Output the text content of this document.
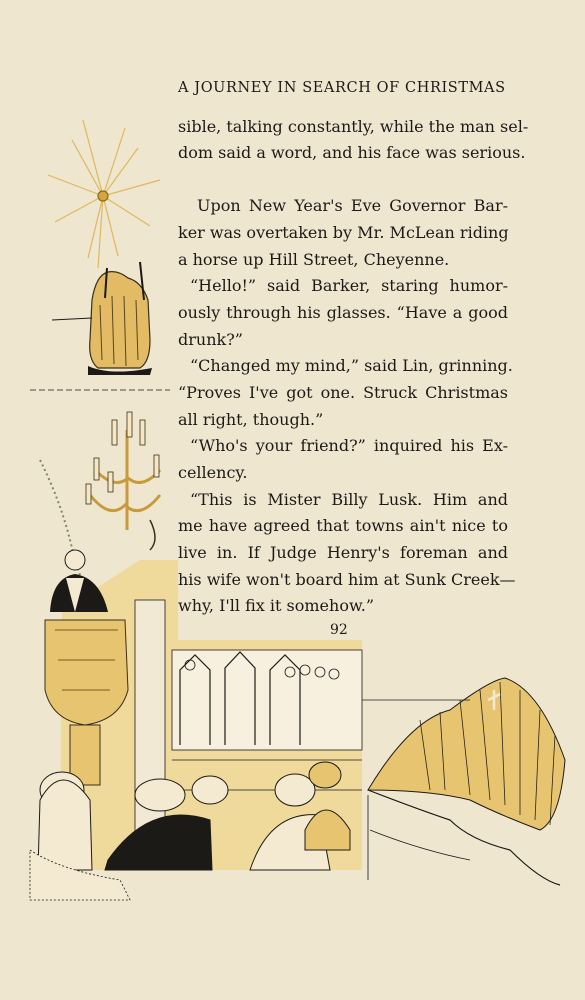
A JOURNEY IN SEARCH OF CHRISTMAS
sible, talking constantly, while the man sel-
dom said a word, and his face was serious.
Upon New Year's Eve Governor Bar-
ker was overtaken by Mr. McLean riding
a horse up Hill Street, Cheyenne.
“Hello!” said Barker, staring humor-
ously through his glasses. “Have a good
drunk?”
“Changed my mind,” said Lin, grinning.
“Proves I've got one. Struck Christmas
all right, though.”
“Who's your friend?” inquired his Ex-
cellency.
“This is Mister Billy Lusk. Him and
me have agreed that towns ain't nice to
live in. If Judge Henry's foreman and
his wife won't board him at Sunk Creek—
why, I'll fix it somehow.”
92
